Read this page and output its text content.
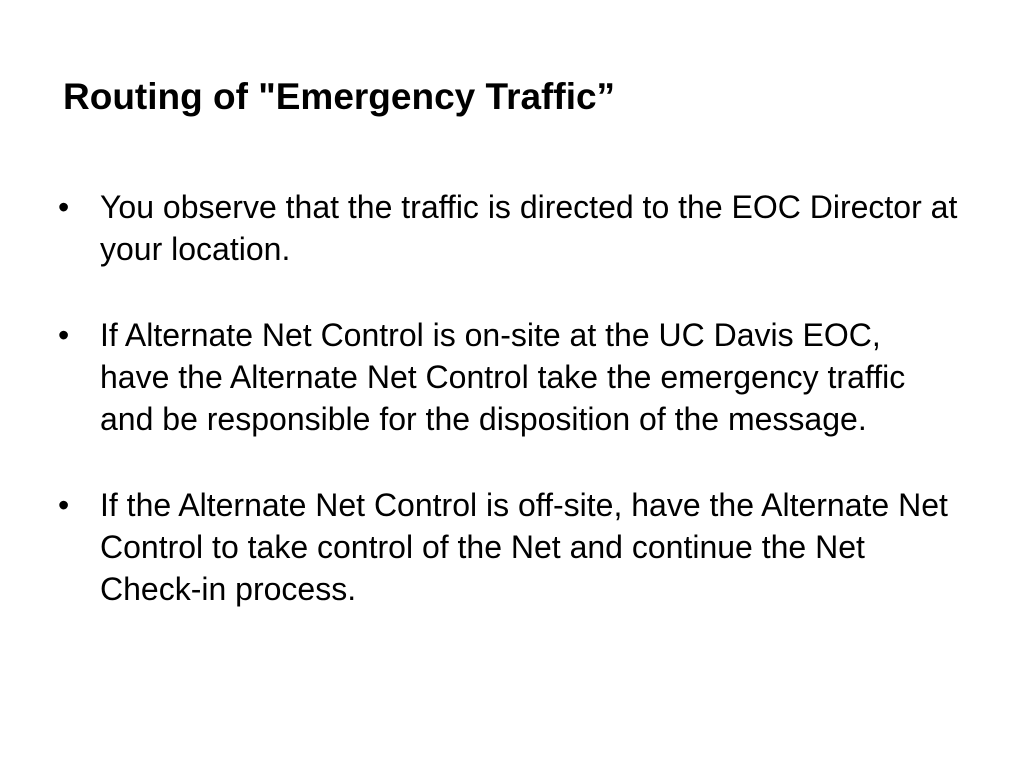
Routing of "Emergency Traffic”
• You observe that the traffic is directed to the EOC Director at your location.
• If Alternate Net Control is on-site at the UC Davis EOC, have the Alternate Net Control take the emergency traffic and be responsible for the disposition of the message.
• If the Alternate Net Control is off-site, have the Alternate Net Control to take control of the Net and continue the Net Check-in process.
